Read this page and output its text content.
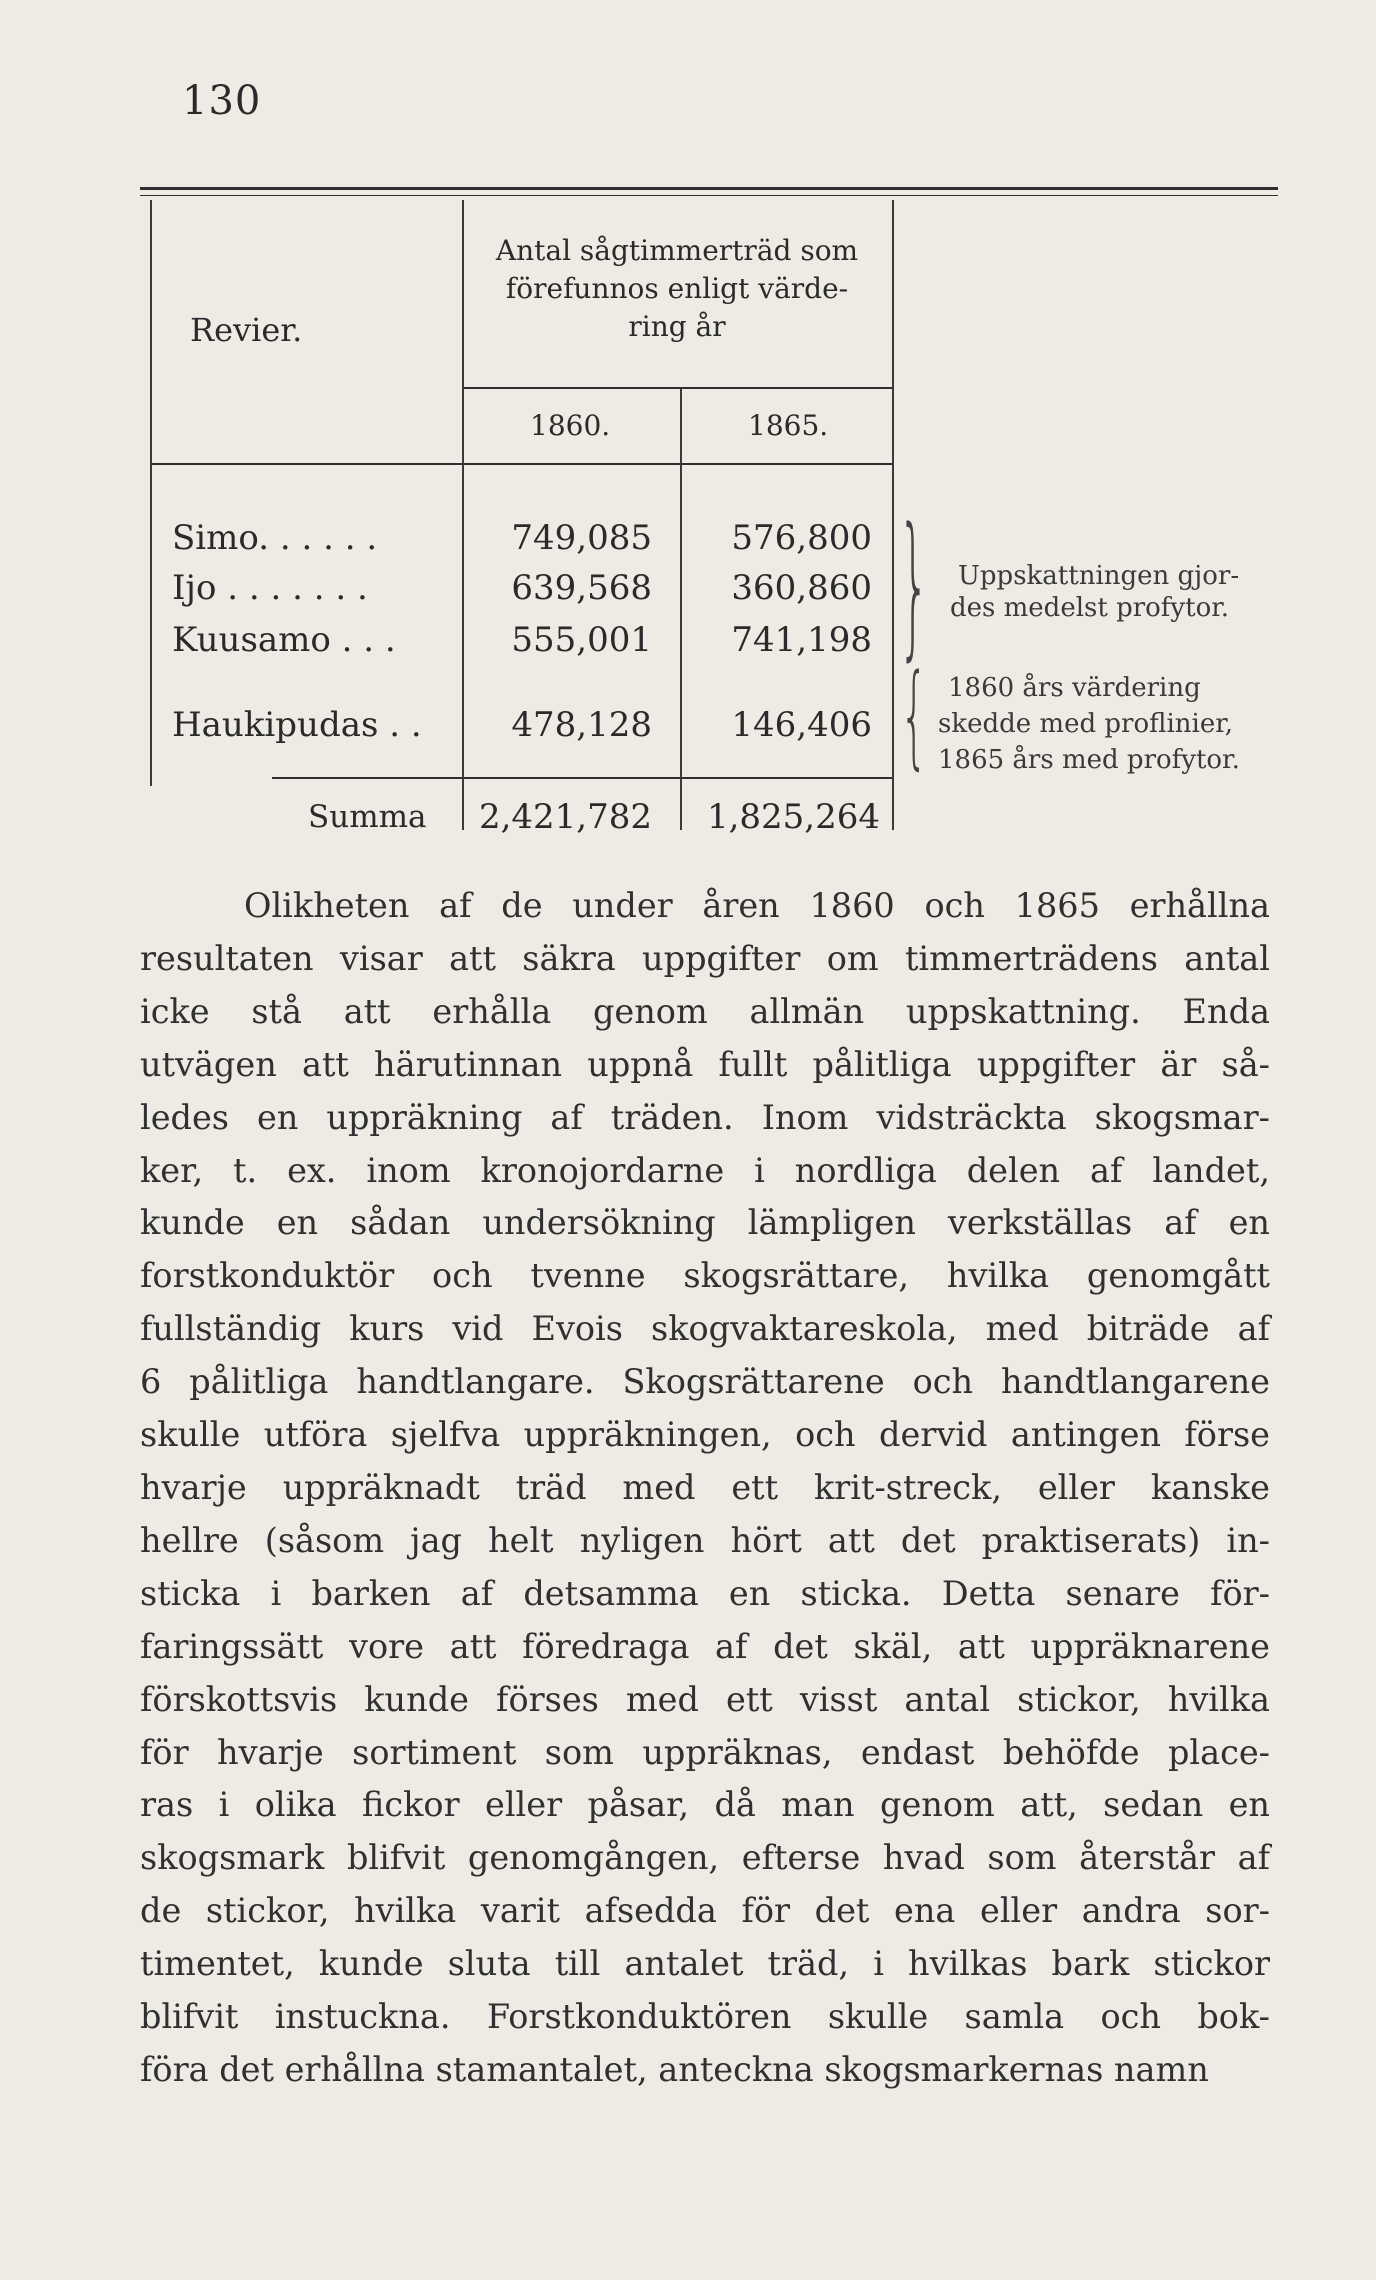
130
Revier.
Antal sågtimmerträd som
förefunnos enligt värde-
ring år
1860.	1865.
Simo. . . . . .	749,085	576,800
Ijo . . . . . . .	639,568	360,860
Kuusamo . . .	555,001	741,198
Haukipudas . .	478,128	146,406
Summa 2,421,782	1,825,264
}	Uppskattningen gjor-
des medelst profytor.
{ 1860 års värdering
skedde med proflinier,
1865 års med profytor.
Olikheten af de under åren 1860 och 1865 erhållna
resultaten visar att säkra uppgifter om timmerträdens antal
icke stå att erhålla genom allmän uppskattning. Enda
utvägen att härutinnan uppnå fullt pålitliga uppgifter är så-
ledes en uppräkning af träden. Inom vidsträckta skogsmar-
ker, t. ex. inom kronojordarne i nordliga delen af landet,
kunde en sådan undersökning lämpligen verkställas af en
forstkonduktör och tvenne skogsrättare, hvilka genomgått
fullständig kurs vid Evois skogvaktareskola, med biträde af
6 pålitliga handtlangare. Skogsrättarene och handtlangarene
skulle utföra sjelfva uppräkningen, och dervid antingen förse
hvarje uppräknadt träd med ett krit-streck, eller kanske
hellre (såsom jag helt nyligen hört att det praktiserats) in-
sticka i barken af detsamma en sticka. Detta senare för-
faringssätt vore att föredraga af det skäl, att uppräknarene
förskottsvis kunde förses med ett visst antal stickor, hvilka
för hvarje sortiment som uppräknas, endast behöfde place-
ras i olika fickor eller påsar, då man genom att, sedan en
skogsmark blifvit genomgången, efterse hvad som återstår af
de stickor, hvilka varit afsedda för det ena eller andra sor-
timentet, kunde sluta till antalet träd, i hvilkas bark stickor
blifvit instuckna. Forstkonduktören skulle samla och bok-
föra det erhållna stamantalet, anteckna skogsmarkernas namn
